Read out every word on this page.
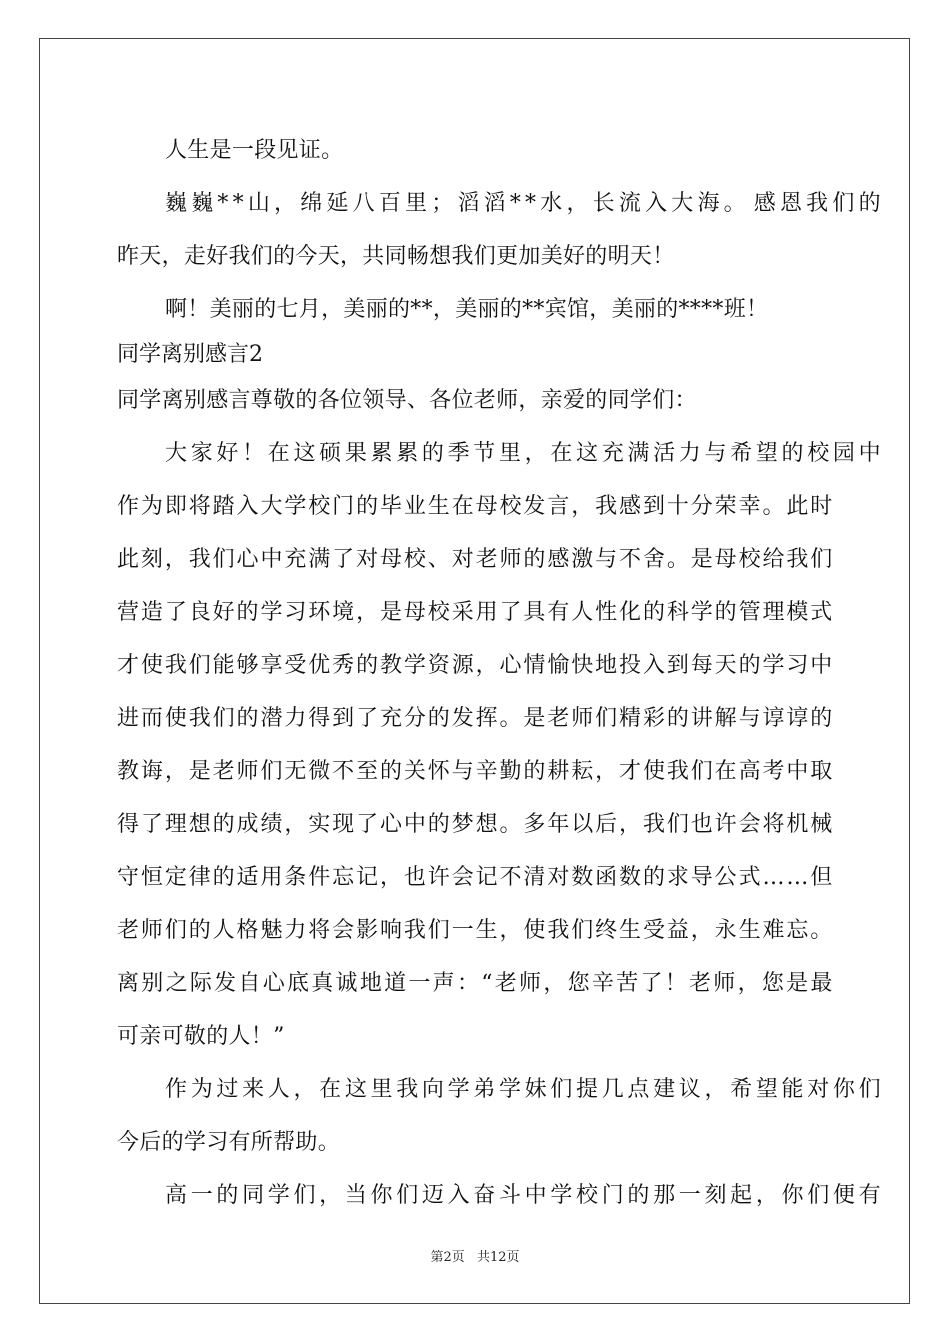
人生是一段见证。
巍 巍 * * 山 ， 绵 延 八 百 里 ； 滔 滔 * * 水 ， 长 流 入 大 海 。 感 恩 我 们 的
昨天，走好我们的今天，共同畅想我们更加美好的明天！
啊！美丽的七月，美丽的**，美丽的**宾馆，美丽的****班！
同学离别感言2
同学离别感言尊敬的各位领导、各位老师，亲爱的同学们：
大 家 好 ！ 在 这 硕 果 累 累 的 季 节 里 ， 在 这 充 满 活 力 与 希 望 的 校 园 中
作 为 即 将 踏 入 大 学 校 门 的 毕 业 生 在 母 校 发 言 ， 我 感 到 十 分 荣 幸 。 此 时
此 刻 ， 我 们 心 中 充 满 了 对 母 校 、 对 老 师 的 感 激 与 不 舍 。 是 母 校 给 我 们
营 造 了 良 好 的 学 习 环 境 ， 是 母 校 采 用 了 具 有 人 性 化 的 科 学 的 管 理 模 式
才 使 我 们 能 够 享 受 优 秀 的 教 学 资 源 ， 心 情 愉 快 地 投 入 到 每 天 的 学 习 中
进 而 使 我 们 的 潜 力 得 到 了 充 分 的 发 挥 。 是 老 师 们 精 彩 的 讲 解 与 谆 谆 的
教 诲 ， 是 老 师 们 无 微 不 至 的 关 怀 与 辛 勤 的 耕 耘 ， 才 使 我 们 在 高 考 中 取
得 了 理 想 的 成 绩 ， 实 现 了 心 中 的 梦 想 。 多 年 以 后 ， 我 们 也 许 会 将 机 械
守 恒 定 律 的 适 用 条 件 忘 记 ， 也 许 会 记 不 清 对 数 函 数 的 求 导 公 式 … … 但
老 师 们 的 人 格 魅 力 将 会 影 响 我 们 一 生 ， 使 我 们 终 生 受 益 ， 永 生 难 忘 。
离 别 之 际 发 自 心 底 真 诚 地 道 一 声 ： “ 老 师 ， 您 辛 苦 了 ！ 老 师 ， 您 是 最
可亲可敬的人！”
作 为 过 来 人 ， 在 这 里 我 向 学 弟 学 妹 们 提 几 点 建 议 ， 希 望 能 对 你 们
今后的学习有所帮助。
高 一 的 同 学 们 ， 当 你 们 迈 入 奋 斗 中 学 校 门 的 那 一 刻 起 ， 你 们 便 有
第2页 共12页
